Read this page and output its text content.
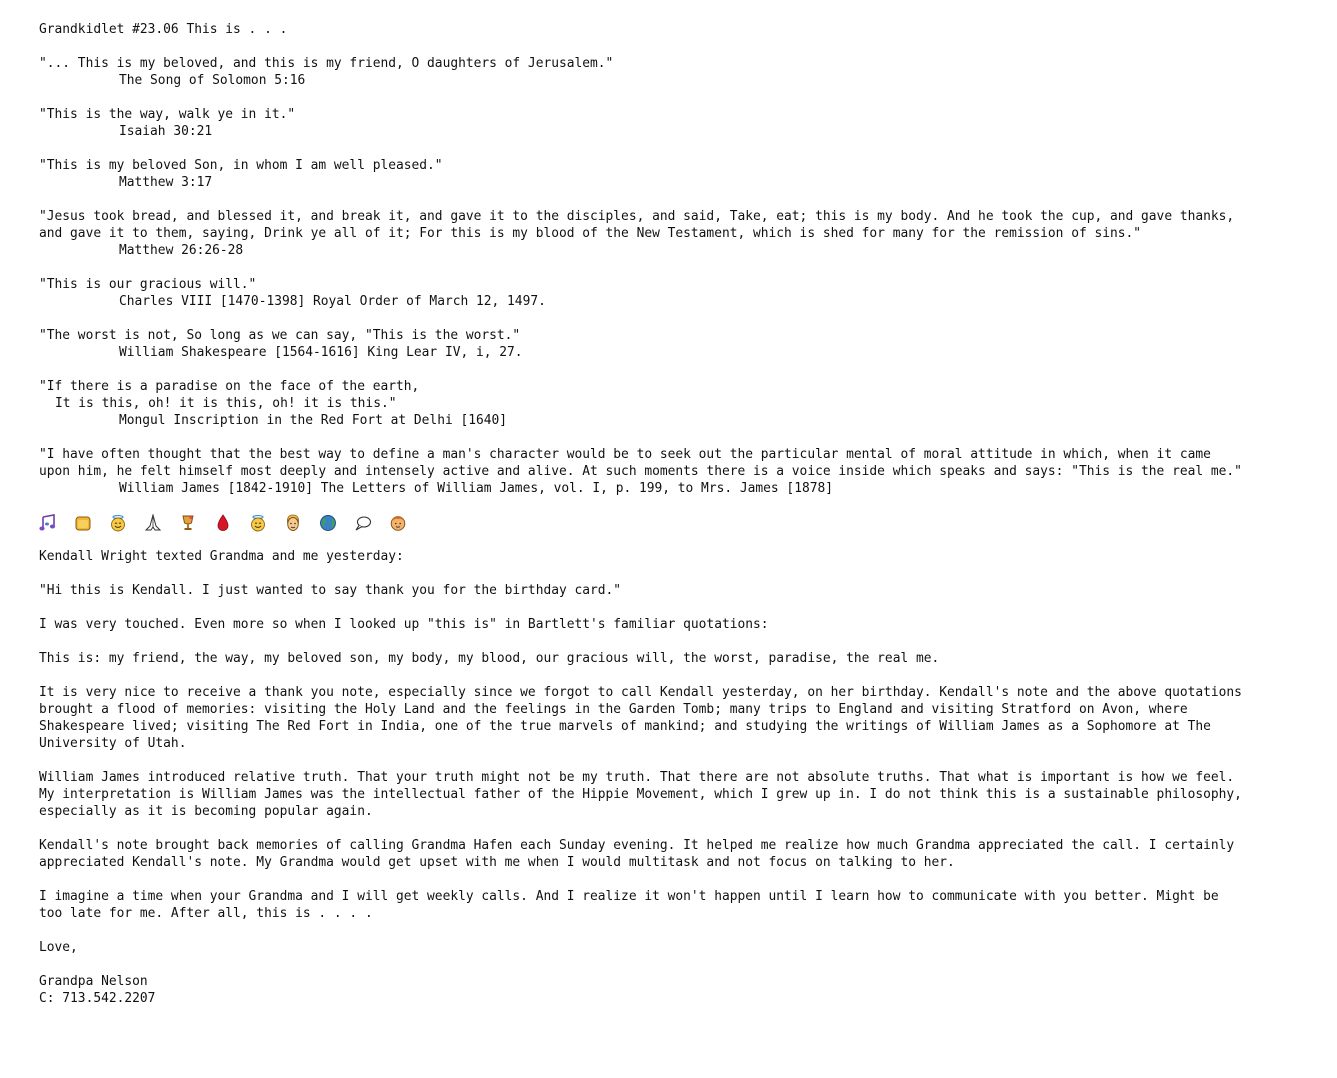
Grandkidlet #23.06 This is . . .
"... This is my beloved, and this is my friend, O daughters of Jerusalem."
The Song of Solomon 5:16
"This is the way, walk ye in it."
Isaiah 30:21
"This is my beloved Son, in whom I am well pleased."
Matthew 3:17
"Jesus took bread, and blessed it, and break it, and gave it to the disciples, and said, Take, eat; this is my body. And he took the cup, and gave thanks,
and gave it to them, saying, Drink ye all of it; For this is my blood of the New Testament, which is shed for many for the remission of sins."
Matthew 26:26-28
"This is our gracious will."
Charles VIII [1470-1398] Royal Order of March 12, 1497.
"The worst is not, So long as we can say, "This is the worst."
William Shakespeare [1564-1616] King Lear IV, i, 27.
"If there is a paradise on the face of the earth,
It is this, oh! it is this, oh! it is this."
Mongul Inscription in the Red Fort at Delhi [1640]
"I have often thought that the best way to define a man's character would be to seek out the particular mental of moral attitude in which, when it came
upon him, he felt himself most deeply and intensely active and alive. At such moments there is a voice inside which speaks and says: "This is the real me."
William James [1842-1910] The Letters of William James, vol. I, p. 199, to Mrs. James [1878]
Kendall Wright texted Grandma and me yesterday:
"Hi this is Kendall. I just wanted to say thank you for the birthday card."
I was very touched. Even more so when I looked up "this is" in Bartlett's familiar quotations:
This is: my friend, the way, my beloved son, my body, my blood, our gracious will, the worst, paradise, the real me.
It is very nice to receive a thank you note, especially since we forgot to call Kendall yesterday, on her birthday. Kendall's note and the above quotations
brought a flood of memories: visiting the Holy Land and the feelings in the Garden Tomb; many trips to England and visiting Stratford on Avon, where
Shakespeare lived; visiting The Red Fort in India, one of the true marvels of mankind; and studying the writings of William James as a Sophomore at The
University of Utah.
William James introduced relative truth. That your truth might not be my truth. That there are not absolute truths. That what is important is how we feel.
My interpretation is William James was the intellectual father of the Hippie Movement, which I grew up in. I do not think this is a sustainable philosophy,
especially as it is becoming popular again.
Kendall's note brought back memories of calling Grandma Hafen each Sunday evening. It helped me realize how much Grandma appreciated the call. I certainly
appreciated Kendall's note. My Grandma would get upset with me when I would multitask and not focus on talking to her.
I imagine a time when your Grandma and I will get weekly calls. And I realize it won't happen until I learn how to communicate with you better. Might be
too late for me. After all, this is . . . .
Love,
Grandpa Nelson
C: 713.542.2207
